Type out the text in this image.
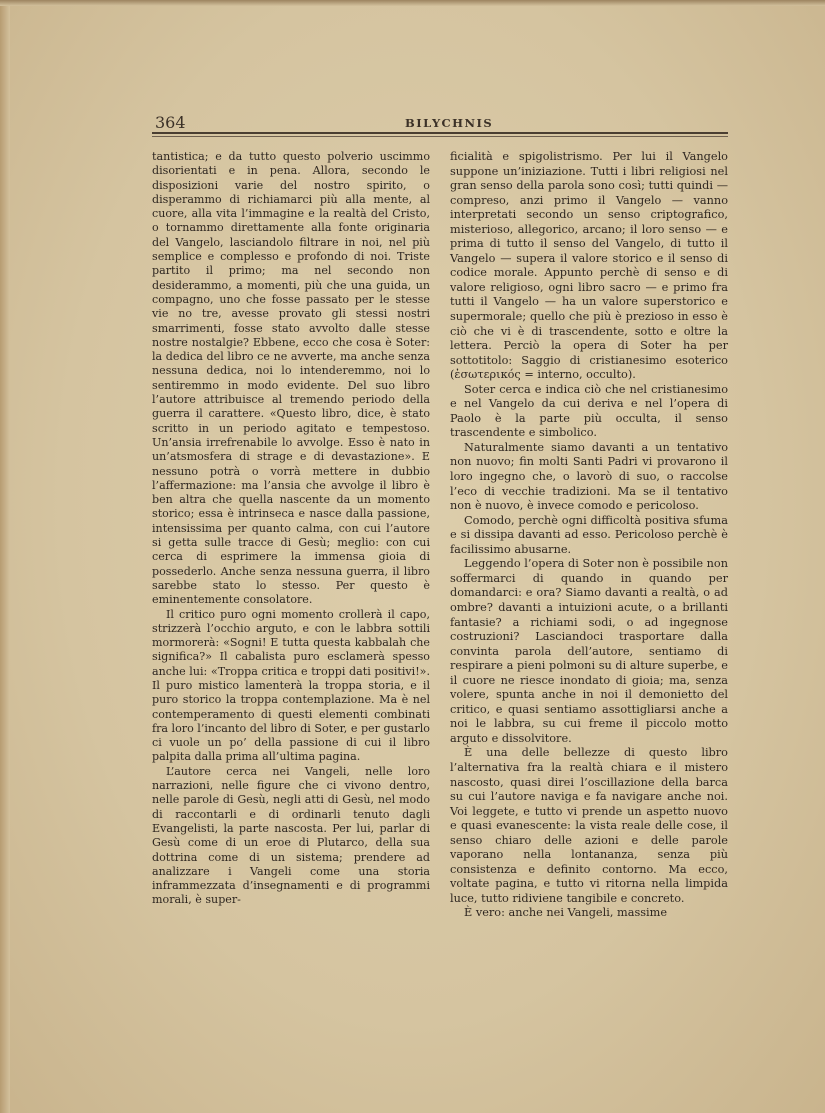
364	BILYCHNIS

tantistica; e da tutto questo polverio uscimmo disorientati e in pena. Allora, secondo le disposizioni varie del nostro spirito, o disperammo di richiamarci più alla mente, al cuore, alla vita l’immagine e la realtà del Cristo, o tornammo direttamente alla fonte originaria del Vangelo, lasciandolo filtrare in noi, nel più semplice e complesso e profondo di noi. Triste partito il primo; ma nel secondo non desiderammo, a momenti, più che una guida, un compagno, uno che fosse passato per le stesse vie no tre, avesse provato gli stessi nostri smarrimenti, fosse stato avvolto dalle stesse nostre nostalgie? Ebbene, ecco che cosa è Soter: la dedica del libro ce ne avverte, ma anche senza nessuna dedica, noi lo intenderemmo, noi lo sentiremmo in modo evidente. Del suo libro l’autore attribuisce al tremendo periodo della guerra il carattere. «Questo libro, dice, è stato scritto in un periodo agitato e tempestoso. Un’ansia irrefrenabile lo avvolge. Esso è nato in un’atsmosfera di strage e di devastazione». E nessuno potrà o vorrà mettere in dubbio l’affermazione: ma l’ansia che avvolge il libro è ben altra che quella nascente da un momento storico; essa è intrinseca e nasce dalla passione, intensissima per quanto calma, con cui l’autore si getta sulle tracce di Gesù; meglio: con cui cerca di esprimere la immensa gioia di possederlo. Anche senza nessuna guerra, il libro sarebbe stato lo stesso. Per questo è eminentemente consolatore.

Il critico puro ogni momento crollerà il capo, strizzerà l’occhio arguto, e con le labbra sottili mormorerà: «Sogni! E tutta questa kabbalah che significa?» Il cabalista puro esclamerà spesso anche lui: «Troppa critica e troppi dati positivi!». Il puro mistico lamenterà la troppa storia, e il puro storico la troppa contemplazione. Ma è nel contemperamento di questi elementi combinati fra loro l’incanto del libro di Soter, e per gustarlo ci vuole un po’ della passione di cui il libro palpita dalla prima all’ultima pagina.

L’autore cerca nei Vangeli, nelle loro narrazioni, nelle figure che ci vivono dentro, nelle parole di Gesù, negli atti di Gesù, nel modo di raccontarli e di ordinarli tenuto dagli Evangelisti, la parte nascosta. Per lui, parlar di Gesù come di un eroe di Plutarco, della sua dottrina come di un sistema; prendere ad analizzare i Vangeli come una storia inframmezzata d’insegnamenti e di programmi morali, è super-

ficialità e spigolistrismo. Per lui il Vangelo suppone un’iniziazione. Tutti i libri religiosi nel gran senso della parola sono così; tutti quindi — compreso, anzi primo il Vangelo — vanno interpretati secondo un senso criptografico, misterioso, allegorico, arcano; il loro senso — e prima di tutto il senso del Vangelo, di tutto il Vangelo — supera il valore storico e il senso di codice morale. Appunto perchè di senso e di valore religioso, ogni libro sacro — e primo fra tutti il Vangelo — ha un valore superstorico e supermorale; quello che più è prezioso in esso è ciò che vi è di trascendente, sotto e oltre la lettera. Perciò la opera di Soter ha per sottotitolo: Saggio di cristianesimo esoterico (ἐσωτερικός = interno, occulto).

Soter cerca e indica ciò che nel cristianesimo e nel Vangelo da cui deriva e nel l’opera di Paolo è la parte più occulta, il senso trascendente e simbolico.

Naturalmente siamo davanti a un tentativo non nuovo; fin molti Santi Padri vi provarono il loro ingegno che, o lavorò di suo, o raccolse l’eco di vecchie tradizioni. Ma se il tentativo non è nuovo, è invece comodo e pericoloso.

Comodo, perchè ogni difficoltà positiva sfuma e si dissipa davanti ad esso. Pericoloso perchè è facilissimo abusarne.

Leggendo l’opera di Soter non è possibile non soffermarci di quando in quando per domandarci: e ora? Siamo davanti a realtà, o ad ombre? davanti a intuizioni acute, o a brillanti fantasie? a richiami sodi, o ad ingegnose costruzioni? Lasciandoci trasportare dalla convinta parola dell’autore, sentiamo di respirare a pieni polmoni su di alture superbe, e il cuore ne riesce inondato di gioia; ma, senza volere, spunta anche in noi il demonietto del critico, e quasi sentiamo assottigliarsi anche a noi le labbra, su cui freme il piccolo motto arguto e dissolvitore.

È una delle bellezze di questo libro l’alternativa fra la realtà chiara e il mistero nascosto, quasi direi l’oscillazione della barca su cui l’autore naviga e fa navigare anche noi. Voi leggete, e tutto vi prende un aspetto nuovo e quasi evanescente: la vista reale delle cose, il senso chiaro delle azioni e delle parole vaporano nella lontananza, senza più consistenza e definito contorno. Ma ecco, voltate pagina, e tutto vi ritorna nella limpida luce, tutto ridiviene tangibile e concreto.

È vero: anche nei Vangeli, massime
